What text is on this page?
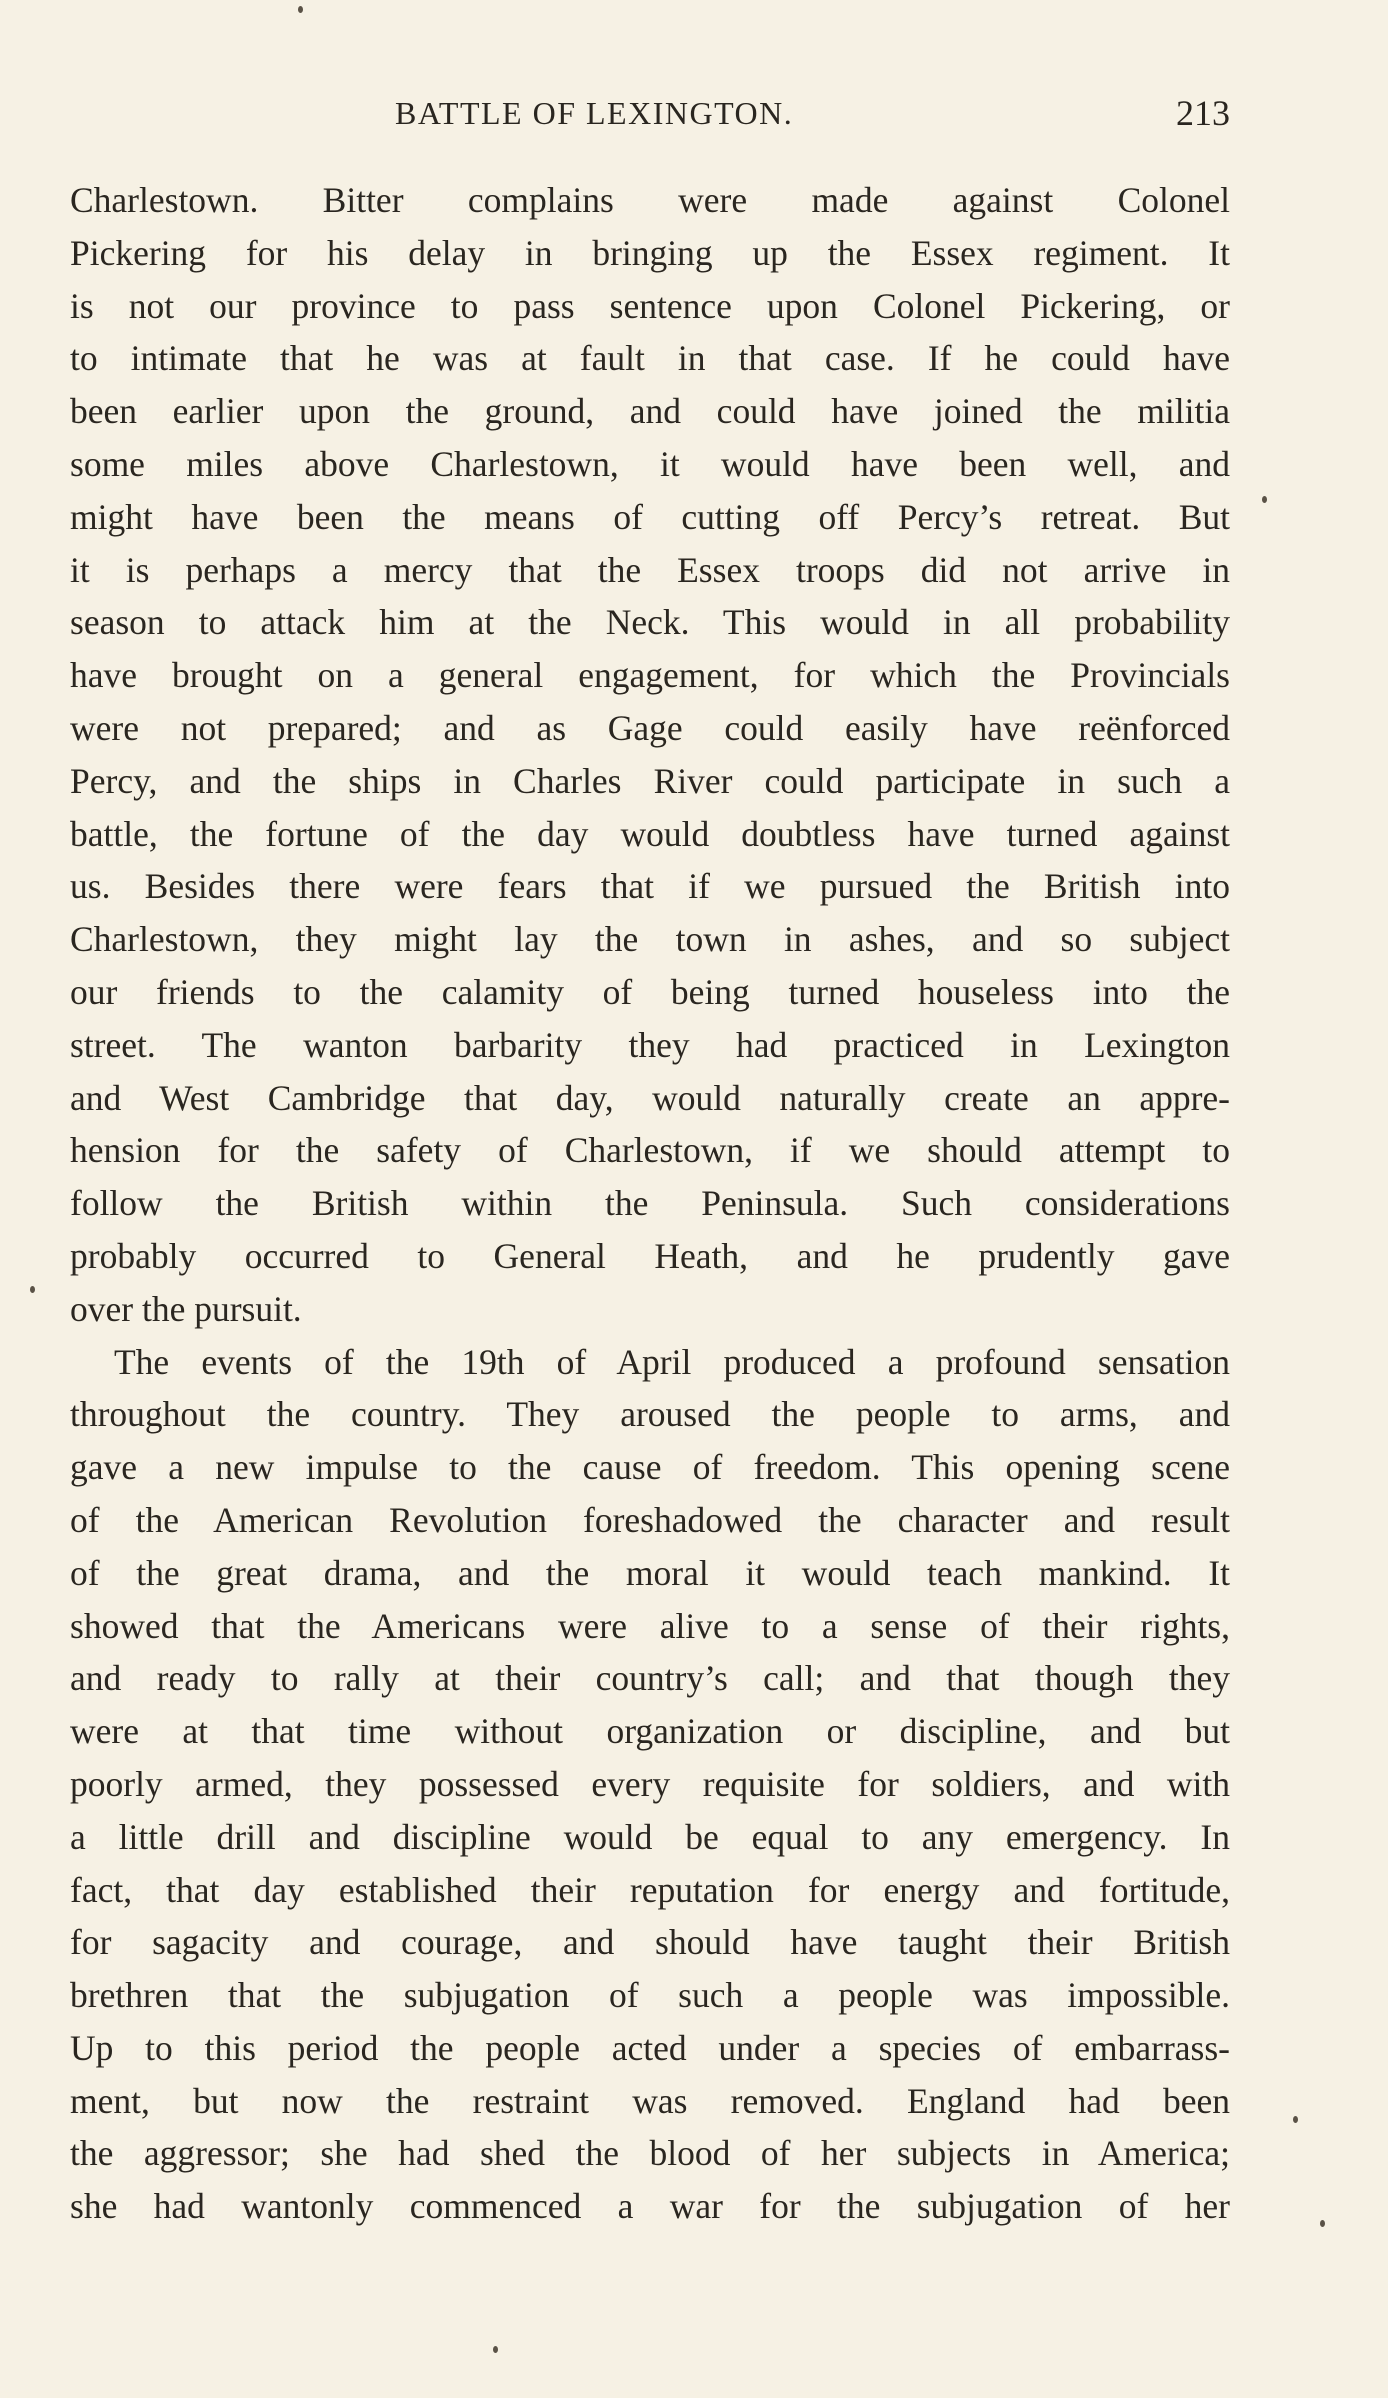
BATTLE OF LEXINGTON.	213
Charlestown. Bitter complains were made against Colonel
Pickering for his delay in bringing up the Essex regiment. It
is not our province to pass sentence upon Colonel Pickering, or
to intimate that he was at fault in that case. If he could have
been earlier upon the ground, and could have joined the militia
some miles above Charlestown, it would have been well, and
might have been the means of cutting off Percy’s retreat. But
it is perhaps a mercy that the Essex troops did not arrive in
season to attack him at the Neck. This would in all probability
have brought on a general engagement, for which the Provincials
were not prepared; and as Gage could easily have reënforced
Percy, and the ships in Charles River could participate in such a
battle, the fortune of the day would doubtless have turned against
us. Besides there were fears that if we pursued the British into
Charlestown, they might lay the town in ashes, and so subject
our friends to the calamity of being turned houseless into the
street. The wanton barbarity they had practiced in Lexington
and West Cambridge that day, would naturally create an appre-
hension for the safety of Charlestown, if we should attempt to
follow the British within the Peninsula. Such considerations
probably occurred to General Heath, and he prudently gave
over the pursuit.
The events of the 19th of April produced a profound sensation
throughout the country. They aroused the people to arms, and
gave a new impulse to the cause of freedom. This opening scene
of the American Revolution foreshadowed the character and result
of the great drama, and the moral it would teach mankind. It
showed that the Americans were alive to a sense of their rights,
and ready to rally at their country’s call; and that though they
were at that time without organization or discipline, and but
poorly armed, they possessed every requisite for soldiers, and with
a little drill and discipline would be equal to any emergency. In
fact, that day established their reputation for energy and fortitude,
for sagacity and courage, and should have taught their British
brethren that the subjugation of such a people was impossible.
Up to this period the people acted under a species of embarrass-
ment, but now the restraint was removed. England had been
the aggressor; she had shed the blood of her subjects in America;
she had wantonly commenced a war for the subjugation of her
